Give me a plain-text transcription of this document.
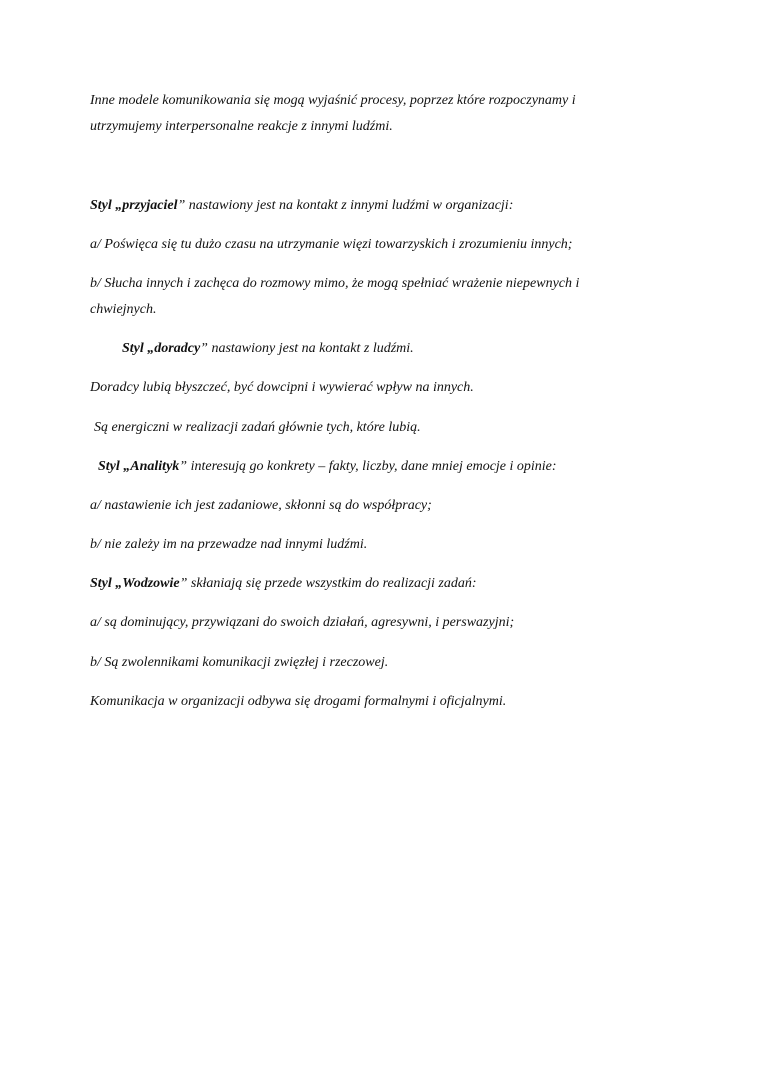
Inne modele komunikowania się mogą wyjaśnić procesy, poprzez które rozpoczynamy i
utrzymujemy interpersonalne reakcje z innymi ludźmi.
Styl „przyjaciel” nastawiony jest na kontakt z innymi ludźmi w organizacji:
a/ Poświęca się tu dużo czasu na utrzymanie więzi towarzyskich i zrozumieniu innych;
b/ Słucha innych i zachęca do rozmowy mimo, że mogą spełniać wrażenie niepewnych i
chwiejnych.
Styl „doradcy” nastawiony jest na kontakt z ludźmi.
Doradcy lubią błyszczeć, być dowcipni i wywierać wpływ na innych.
Są energiczni w realizacji zadań głównie tych, które lubią.
Styl „Analityk” interesują go konkrety – fakty, liczby, dane mniej emocje i opinie:
a/ nastawienie ich jest zadaniowe, skłonni są do współpracy;
b/ nie zależy im na przewadze nad innymi ludźmi.
Styl „Wodzowie” skłaniają się przede wszystkim do realizacji zadań:
a/ są dominujący, przywiązani do swoich działań, agresywni, i perswazyjni;
b/ Są zwolennikami komunikacji zwięzłej i rzeczowej.
Komunikacja w organizacji odbywa się drogami formalnymi i oficjalnymi.
